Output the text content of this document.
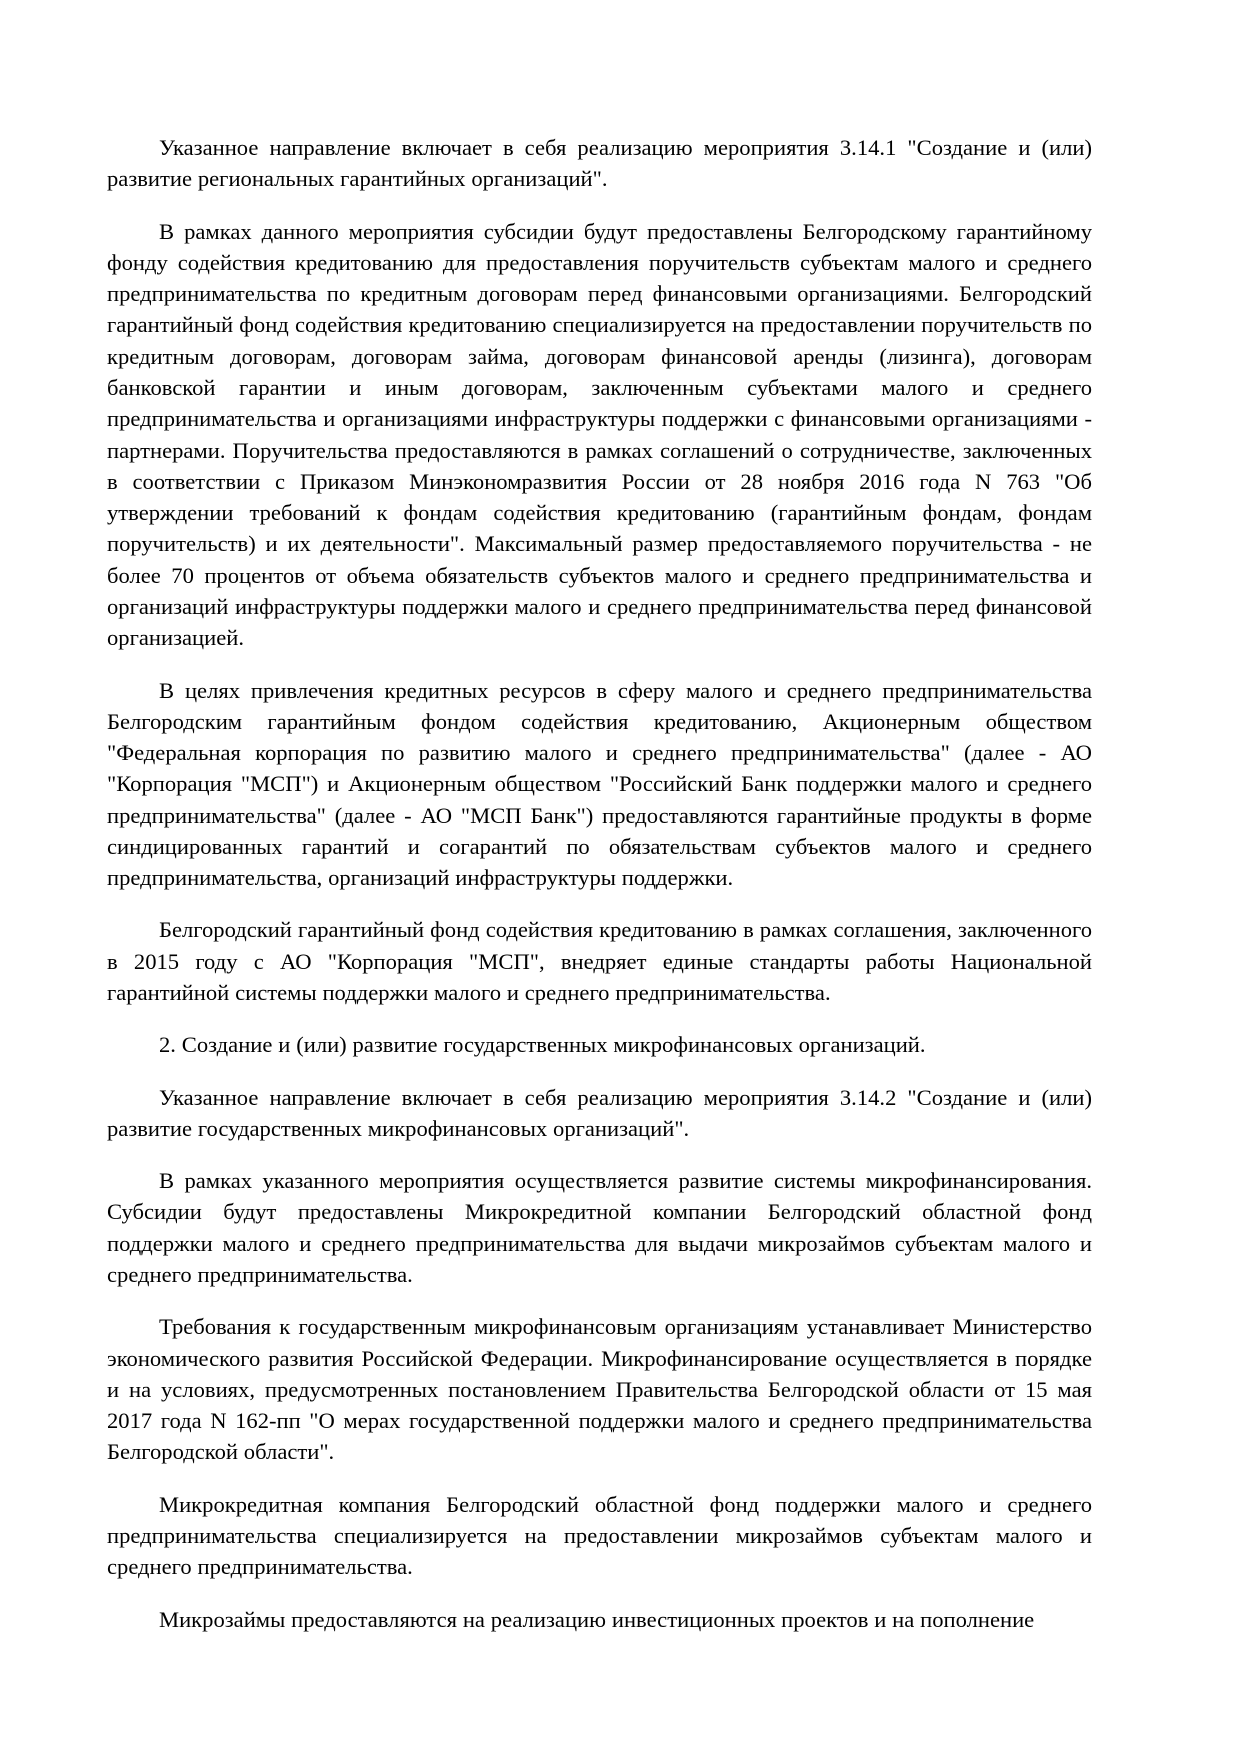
Указанное направление включает в себя реализацию мероприятия 3.14.1 "Создание и (или) развитие региональных гарантийных организаций".

В рамках данного мероприятия субсидии будут предоставлены Белгородскому гарантийному фонду содействия кредитованию для предоставления поручительств субъектам малого и среднего предпринимательства по кредитным договорам перед финансовыми организациями. Белгородский гарантийный фонд содействия кредитованию специализируется на предоставлении поручительств по кредитным договорам, договорам займа, договорам финансовой аренды (лизинга), договорам банковской гарантии и иным договорам, заключенным субъектами малого и среднего предпринимательства и организациями инфраструктуры поддержки с финансовыми организациями - партнерами. Поручительства предоставляются в рамках соглашений о сотрудничестве, заключенных в соответствии с Приказом Минэкономразвития России от 28 ноября 2016 года N 763 "Об утверждении требований к фондам содействия кредитованию (гарантийным фондам, фондам поручительств) и их деятельности". Максимальный размер предоставляемого поручительства - не более 70 процентов от объема обязательств субъектов малого и среднего предпринимательства и организаций инфраструктуры поддержки малого и среднего предпринимательства перед финансовой организацией.

В целях привлечения кредитных ресурсов в сферу малого и среднего предпринимательства Белгородским гарантийным фондом содействия кредитованию, Акционерным обществом "Федеральная корпорация по развитию малого и среднего предпринимательства" (далее - АО "Корпорация "МСП") и Акционерным обществом "Российский Банк поддержки малого и среднего предпринимательства" (далее - АО "МСП Банк") предоставляются гарантийные продукты в форме синдицированных гарантий и согарантий по обязательствам субъектов малого и среднего предпринимательства, организаций инфраструктуры поддержки.

Белгородский гарантийный фонд содействия кредитованию в рамках соглашения, заключенного в 2015 году с АО "Корпорация "МСП", внедряет единые стандарты работы Национальной гарантийной системы поддержки малого и среднего предпринимательства.

2. Создание и (или) развитие государственных микрофинансовых организаций.

Указанное направление включает в себя реализацию мероприятия 3.14.2 "Создание и (или) развитие государственных микрофинансовых организаций".

В рамках указанного мероприятия осуществляется развитие системы микрофинансирования. Субсидии будут предоставлены Микрокредитной компании Белгородский областной фонд поддержки малого и среднего предпринимательства для выдачи микрозаймов субъектам малого и среднего предпринимательства.

Требования к государственным микрофинансовым организациям устанавливает Министерство экономического развития Российской Федерации. Микрофинансирование осуществляется в порядке и на условиях, предусмотренных постановлением Правительства Белгородской области от 15 мая 2017 года N 162-пп "О мерах государственной поддержки малого и среднего предпринимательства Белгородской области".

Микрокредитная компания Белгородский областной фонд поддержки малого и среднего предпринимательства специализируется на предоставлении микрозаймов субъектам малого и среднего предпринимательства.

Микрозаймы предоставляются на реализацию инвестиционных проектов и на пополнение
